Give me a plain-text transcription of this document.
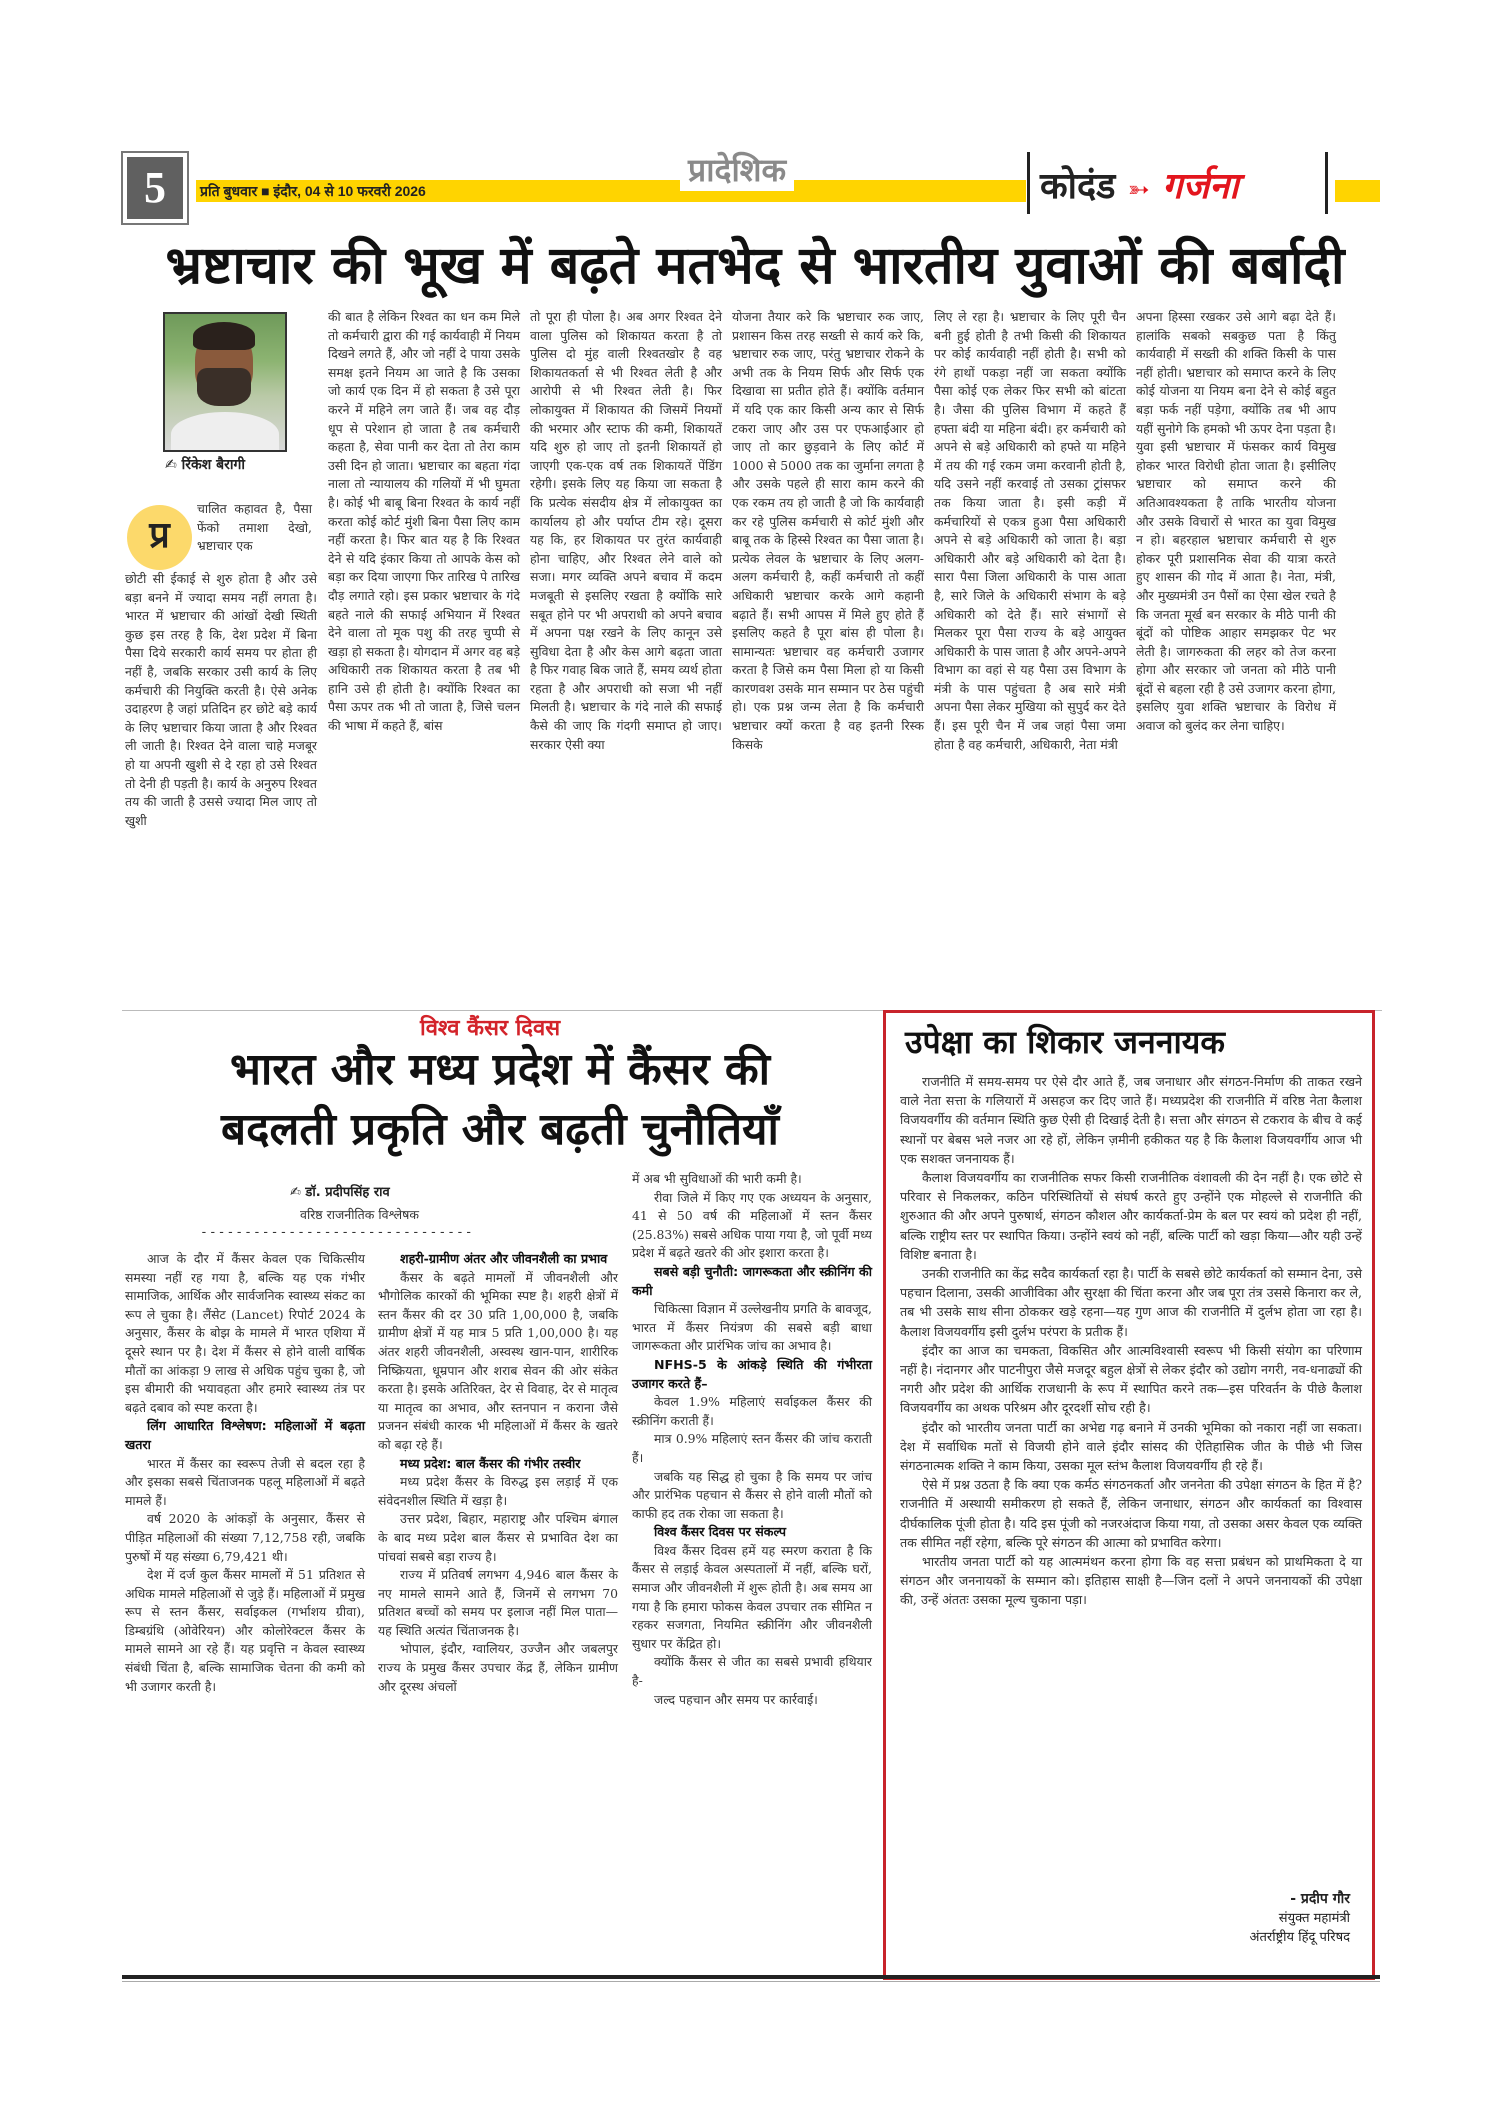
5	प्रति बुधवार ■ इंदौर, 04 से 10 फरवरी 2026
प्रादेशिक	कोदंड ➳ गर्जना
भ्रष्टाचार की भूख में बढ़ते मतभेद से भारतीय युवाओं की बर्बादी
✍ रिंकेश बैरागी
प्र

चालित कहावत है, पैसा फेंको तमाशा देखो, भ्रष्टाचार एक

छोटी सी ईकाई से शुरु होता है और उसे बड़ा बनने में ज्यादा समय नहीं लगता है। भारत में भ्रष्टाचार की आंखों देखी स्थिती कुछ इस तरह है कि, देश प्रदेश में बिना पैसा दिये सरकारी कार्य समय पर होता ही नहीं है, जबकि सरकार उसी कार्य के लिए कर्मचारी की नियुक्ति करती है। ऐसे अनेक उदाहरण है जहां प्रतिदिन हर छोटे बड़े कार्य के लिए भ्रष्टाचार किया जाता है और रिश्वत ली जाती है। रिश्वत देने वाला चाहे मजबूर हो या अपनी खुशी से दे रहा हो उसे रिश्वत तो देनी ही पड़ती है। कार्य के अनुरुप रिश्वत तय की जाती है उससे ज्यादा मिल जाए तो खुशी

की बात है लेकिन रिश्वत का धन कम मिले तो कर्मचारी द्वारा की गई कार्यवाही में नियम दिखने लगते हैं, और जो नहीं दे पाया उसके समक्ष इतने नियम आ जाते है कि उसका जो कार्य एक दिन में हो सकता है उसे पूरा करने में महिने लग जाते हैं। जब वह दौड़ धूप से परेशान हो जाता है तब कर्मचारी कहता है, सेवा पानी कर देता तो तेरा काम उसी दिन हो जाता। भ्रष्टाचार का बहता गंदा नाला तो न्यायालय की गलियों में भी घुमता है। कोई भी बाबू बिना रिश्वत के कार्य नहीं करता कोई कोर्ट मुंशी बिना पैसा लिए काम नहीं करता है। फिर बात यह है कि रिश्वत देने से यदि इंकार किया तो आपके केस को बड़ा कर दिया जाएगा फिर तारिख पे तारिख दौड़ लगाते रहो। इस प्रकार भ्रष्टाचार के गंदे बहते नाले की सफाई अभियान में रिश्वत देने वाला तो मूक पशु की तरह चुप्पी से खड़ा हो सकता है। योगदान में अगर वह बड़े अधिकारी तक शिकायत करता है तब भी हानि उसे ही होती है। क्योंकि रिश्वत का पैसा ऊपर तक भी तो जाता है, जिसे चलन की भाषा में कहते हैं, बांस

तो पूरा ही पोला है। अब अगर रिश्वत देने वाला पुलिस को शिकायत करता है तो पुलिस दो मुंह वाली रिश्वतखोर है वह शिकायतकर्ता से भी रिश्वत लेती है और आरोपी से भी रिश्वत लेती है। फिर लोकायुक्त में शिकायत की जिसमें नियमों की भरमार और स्टाफ की कमी, शिकायतें यदि शुरु हो जाए तो इतनी शिकायतें हो जाएगी एक-एक वर्ष तक शिकायतें पेंडिंग रहेगी। इसके लिए यह किया जा सकता है कि प्रत्येक संसदीय क्षेत्र में लोकायुक्त का कार्यालय हो और पर्याप्त टीम रहे। दूसरा यह कि, हर शिकायत पर तुरंत कार्यवाही होना चाहिए, और रिश्वत लेने वाले को सजा। मगर व्यक्ति अपने बचाव में कदम मजबूती से इसलिए रखता है क्योंकि सारे सबूत होने पर भी अपराधी को अपने बचाव में अपना पक्ष रखने के लिए कानून उसे सुविधा देता है और केस आगे बढ़ता जाता है फिर गवाह बिक जाते हैं, समय व्यर्थ होता रहता है और अपराधी को सजा भी नहीं मिलती है। भ्रष्टाचार के गंदे नाले की सफाई कैसे की जाए कि गंदगी समाप्त हो जाए। सरकार ऐसी क्या

योजना तैयार करे कि भ्रष्टाचार रुक जाए, प्रशासन किस तरह सख्ती से कार्य करे कि, भ्रष्टाचार रुक जाए, परंतु भ्रष्टाचार रोकने के अभी तक के नियम सिर्फ और सिर्फ एक दिखावा सा प्रतीत होते हैं। क्योंकि वर्तमान में यदि एक कार किसी अन्य कार से सिर्फ टकरा जाए और उस पर एफआईआर हो जाए तो कार छुड़वाने के लिए कोर्ट में 1000 से 5000 तक का जुर्माना लगता है और उसके पहले ही सारा काम करने की एक रकम तय हो जाती है जो कि कार्यवाही कर रहे पुलिस कर्मचारी से कोर्ट मुंशी और बाबू तक के हिस्से रिश्वत का पैसा जाता है। प्रत्येक लेवल के भ्रष्टाचार के लिए अलग-अलग कर्मचारी है, कहीं कर्मचारी तो कहीं अधिकारी भ्रष्टाचार करके आगे कहानी बढ़ाते हैं। सभी आपस में मिले हुए होते हैं इसलिए कहते है पूरा बांस ही पोला है। सामान्यतः भ्रष्टाचार वह कर्मचारी उजागर करता है जिसे कम पैसा मिला हो या किसी कारणवश उसके मान सम्मान पर ठेस पहुंची हो। एक प्रश्न जन्म लेता है कि कर्मचारी भ्रष्टाचार क्यों करता है वह इतनी रिस्क किसके

लिए ले रहा है। भ्रष्टाचार के लिए पूरी चैन बनी हुई होती है तभी किसी की शिकायत पर कोई कार्यवाही नहीं होती है। सभी को रंगे हाथों पकड़ा नहीं जा सकता क्योंकि पैसा कोई एक लेकर फिर सभी को बांटता है। जैसा की पुलिस विभाग में कहते हैं हफ्ता बंदी या महिना बंदी। हर कर्मचारी को अपने से बड़े अधिकारी को हफ्ते या महिने में तय की गई रकम जमा करवानी होती है, यदि उसने नहीं करवाई तो उसका ट्रांसफर तक किया जाता है। इसी कड़ी में कर्मचारियों से एकत्र हुआ पैसा अधिकारी अपने से बड़े अधिकारी को जाता है। बड़ा अधिकारी और बड़े अधिकारी को देता है। सारा पैसा जिला अधिकारी के पास आता है, सारे जिले के अधिकारी संभाग के बड़े अधिकारी को देते हैं। सारे संभागों से मिलकर पूरा पैसा राज्य के बड़े आयुक्त अधिकारी के पास जाता है और अपने-अपने विभाग का वहां से यह पैसा उस विभाग के मंत्री के पास पहुंचता है अब सारे मंत्री अपना पैसा लेकर मुखिया को सुपुर्द कर देते हैं। इस पूरी चैन में जब जहां पैसा जमा होता है वह कर्मचारी, अधिकारी, नेता मंत्री

अपना हिस्सा रखकर उसे आगे बढ़ा देते हैं। हालांकि सबको सबकुछ पता है किंतु कार्यवाही में सख्ती की शक्ति किसी के पास नहीं होती। भ्रष्टाचार को समाप्त करने के लिए कोई योजना या नियम बना देने से कोई बहुत बड़ा फर्क नहीं पड़ेगा, क्योंकि तब भी आप यहीं सुनोगे कि हमको भी ऊपर देना पड़ता है। युवा इसी भ्रष्टाचार में फंसकर कार्य विमुख होकर भारत विरोधी होता जाता है। इसीलिए भ्रष्टाचार को समाप्त करने की अतिआवश्यकता है ताकि भारतीय योजना और उसके विचारों से भारत का युवा विमुख न हो। बहरहाल भ्रष्टाचार कर्मचारी से शुरु होकर पूरी प्रशासनिक सेवा की यात्रा करते हुए शासन की गोद में आता है। नेता, मंत्री, और मुख्यमंत्री उन पैसों का ऐसा खेल रचते है कि जनता मूर्ख बन सरकार के मीठे पानी की बूंदों को पोष्टिक आहार समझकर पेट भर लेती है। जागरुकता की लहर को तेज करना होगा और सरकार जो जनता को मीठे पानी बूंदों से बहला रही है उसे उजागर करना होगा, इसलिए युवा शक्ति भ्रष्टाचार के विरोध में अवाज को बुलंद कर लेना चाहिए।

विश्व कैंसर दिवस
भारत और मध्य प्रदेश में कैंसर की
बदलती प्रकृति और बढ़ती चुनौतियाँ
✍ डॉ. प्रदीपसिंह राव
वरिष्ठ राजनीतिक विश्लेषक
-------------------------------

आज के दौर में कैंसर केवल एक चिकित्सीय समस्या नहीं रह गया है, बल्कि यह एक गंभीर सामाजिक, आर्थिक और सार्वजनिक स्वास्थ्य संकट का रूप ले चुका है। लैंसेट (Lancet) रिपोर्ट 2024 के अनुसार, कैंसर के बोझ के मामले में भारत एशिया में दूसरे स्थान पर है। देश में कैंसर से होने वाली वार्षिक मौतों का आंकड़ा 9 लाख से अधिक पहुंच चुका है, जो इस बीमारी की भयावहता और हमारे स्वास्थ्य तंत्र पर बढ़ते दबाव को स्पष्ट करता है।

लिंग आधारित विश्लेषण: महिलाओं में बढ़ता खतरा

भारत में कैंसर का स्वरूप तेजी से बदल रहा है और इसका सबसे चिंताजनक पहलू महिलाओं में बढ़ते मामले हैं।

वर्ष 2020 के आंकड़ों के अनुसार, कैंसर से पीड़ित महिलाओं की संख्या 7,12,758 रही, जबकि पुरुषों में यह संख्या 6,79,421 थी।

देश में दर्ज कुल कैंसर मामलों में 51 प्रतिशत से अधिक मामले महिलाओं से जुड़े हैं। महिलाओं में प्रमुख रूप से स्तन कैंसर, सर्वाइकल (गर्भाशय ग्रीवा), डिम्बग्रंथि (ओवेरियन) और कोलोरेक्टल कैंसर के मामले सामने आ रहे हैं। यह प्रवृत्ति न केवल स्वास्थ्य संबंधी चिंता है, बल्कि सामाजिक चेतना की कमी को भी उजागर करती है।

शहरी-ग्रामीण अंतर और जीवनशैली का प्रभाव

कैंसर के बढ़ते मामलों में जीवनशैली और भौगोलिक कारकों की भूमिका स्पष्ट है। शहरी क्षेत्रों में स्तन कैंसर की दर 30 प्रति 1,00,000 है, जबकि ग्रामीण क्षेत्रों में यह मात्र 5 प्रति 1,00,000 है। यह अंतर शहरी जीवनशैली, अस्वस्थ खान-पान, शारीरिक निष्क्रियता, धूम्रपान और शराब सेवन की ओर संकेत करता है। इसके अतिरिक्त, देर से विवाह, देर से मातृत्व या मातृत्व का अभाव, और स्तनपान न कराना जैसे प्रजनन संबंधी कारक भी महिलाओं में कैंसर के खतरे को बढ़ा रहे हैं।

मध्य प्रदेश: बाल कैंसर की गंभीर तस्वीर

मध्य प्रदेश कैंसर के विरुद्ध इस लड़ाई में एक संवेदनशील स्थिति में खड़ा है।

उत्तर प्रदेश, बिहार, महाराष्ट्र और पश्चिम बंगाल के बाद मध्य प्रदेश बाल कैंसर से प्रभावित देश का पांचवां सबसे बड़ा राज्य है।

राज्य में प्रतिवर्ष लगभग 4,946 बाल कैंसर के नए मामले सामने आते हैं, जिनमें से लगभग 70 प्रतिशत बच्चों को समय पर इलाज नहीं मिल पाता—यह स्थिति अत्यंत चिंताजनक है।

भोपाल, इंदौर, ग्वालियर, उज्जैन और जबलपुर राज्य के प्रमुख कैंसर उपचार केंद्र हैं, लेकिन ग्रामीण और दूरस्थ अंचलों

में अब भी सुविधाओं की भारी कमी है।

रीवा जिले में किए गए एक अध्ययन के अनुसार, 41 से 50 वर्ष की महिलाओं में स्तन कैंसर (25.83%) सबसे अधिक पाया गया है, जो पूर्वी मध्य प्रदेश में बढ़ते खतरे की ओर इशारा करता है।

सबसे बड़ी चुनौती: जागरूकता और स्क्रीनिंग की कमी

चिकित्सा विज्ञान में उल्लेखनीय प्रगति के बावजूद, भारत में कैंसर नियंत्रण की सबसे बड़ी बाधा जागरूकता और प्रारंभिक जांच का अभाव है।

NFHS-5 के आंकड़े स्थिति की गंभीरता उजागर करते हैं–

केवल 1.9% महिलाएं सर्वाइकल कैंसर की स्क्रीनिंग कराती हैं।

मात्र 0.9% महिलाएं स्तन कैंसर की जांच कराती हैं।

जबकि यह सिद्ध हो चुका है कि समय पर जांच और प्रारंभिक पहचान से कैंसर से होने वाली मौतों को काफी हद तक रोका जा सकता है।

विश्व कैंसर दिवस पर संकल्प

विश्व कैंसर दिवस हमें यह स्मरण कराता है कि कैंसर से लड़ाई केवल अस्पतालों में नहीं, बल्कि घरों, समाज और जीवनशैली में शुरू होती है। अब समय आ गया है कि हमारा फोकस केवल उपचार तक सीमित न रहकर सजगता, नियमित स्क्रीनिंग और जीवनशैली सुधार पर केंद्रित हो।

क्योंकि कैंसर से जीत का सबसे प्रभावी हथियार है-

जल्द पहचान और समय पर कार्रवाई।

उपेक्षा का शिकार जननायक

राजनीति में समय-समय पर ऐसे दौर आते हैं, जब जनाधार और संगठन-निर्माण की ताकत रखने वाले नेता सत्ता के गलियारों में असहज कर दिए जाते हैं। मध्यप्रदेश की राजनीति में वरिष्ठ नेता कैलाश विजयवर्गीय की वर्तमान स्थिति कुछ ऐसी ही दिखाई देती है। सत्ता और संगठन से टकराव के बीच वे कई स्थानों पर बेबस भले नजर आ रहे हों, लेकिन ज़मीनी हकीकत यह है कि कैलाश विजयवर्गीय आज भी एक सशक्त जननायक हैं।

कैलाश विजयवर्गीय का राजनीतिक सफर किसी राजनीतिक वंशावली की देन नहीं है। एक छोटे से परिवार से निकलकर, कठिन परिस्थितियों से संघर्ष करते हुए उन्होंने एक मोहल्ले से राजनीति की शुरुआत की और अपने पुरुषार्थ, संगठन कौशल और कार्यकर्ता-प्रेम के बल पर स्वयं को प्रदेश ही नहीं, बल्कि राष्ट्रीय स्तर पर स्थापित किया। उन्होंने स्वयं को नहीं, बल्कि पार्टी को खड़ा किया—और यही उन्हें विशिष्ट बनाता है।

उनकी राजनीति का केंद्र सदैव कार्यकर्ता रहा है। पार्टी के सबसे छोटे कार्यकर्ता को सम्मान देना, उसे पहचान दिलाना, उसकी आजीविका और सुरक्षा की चिंता करना और जब पूरा तंत्र उससे किनारा कर ले, तब भी उसके साथ सीना ठोककर खड़े रहना—यह गुण आज की राजनीति में दुर्लभ होता जा रहा है। कैलाश विजयवर्गीय इसी दुर्लभ परंपरा के प्रतीक हैं।

इंदौर का आज का चमकता, विकसित और आत्मविश्वासी स्वरूप भी किसी संयोग का परिणाम नहीं है। नंदानगर और पाटनीपुरा जैसे मजदूर बहुल क्षेत्रों से लेकर इंदौर को उद्योग नगरी, नव-धनाढ्यों की नगरी और प्रदेश की आर्थिक राजधानी के रूप में स्थापित करने तक—इस परिवर्तन के पीछे कैलाश विजयवर्गीय का अथक परिश्रम और दूरदर्शी सोच रही है।

इंदौर को भारतीय जनता पार्टी का अभेद्य गढ़ बनाने में उनकी भूमिका को नकारा नहीं जा सकता। देश में सर्वाधिक मतों से विजयी होने वाले इंदौर सांसद की ऐतिहासिक जीत के पीछे भी जिस संगठनात्मक शक्ति ने काम किया, उसका मूल स्तंभ कैलाश विजयवर्गीय ही रहे हैं।

ऐसे में प्रश्न उठता है कि क्या एक कर्मठ संगठनकर्ता और जननेता की उपेक्षा संगठन के हित में है? राजनीति में अस्थायी समीकरण हो सकते हैं, लेकिन जनाधार, संगठन और कार्यकर्ता का विश्वास दीर्घकालिक पूंजी होता है। यदि इस पूंजी को नजरअंदाज किया गया, तो उसका असर केवल एक व्यक्ति तक सीमित नहीं रहेगा, बल्कि पूरे संगठन की आत्मा को प्रभावित करेगा।

भारतीय जनता पार्टी को यह आत्ममंथन करना होगा कि वह सत्ता प्रबंधन को प्राथमिकता दे या संगठन और जननायकों के सम्मान को। इतिहास साक्षी है—जिन दलों ने अपने जननायकों की उपेक्षा की, उन्हें अंततः उसका मूल्य चुकाना पड़ा।

- प्रदीप गौर
संयुक्त महामंत्री
अंतर्राष्ट्रीय हिंदू परिषद
